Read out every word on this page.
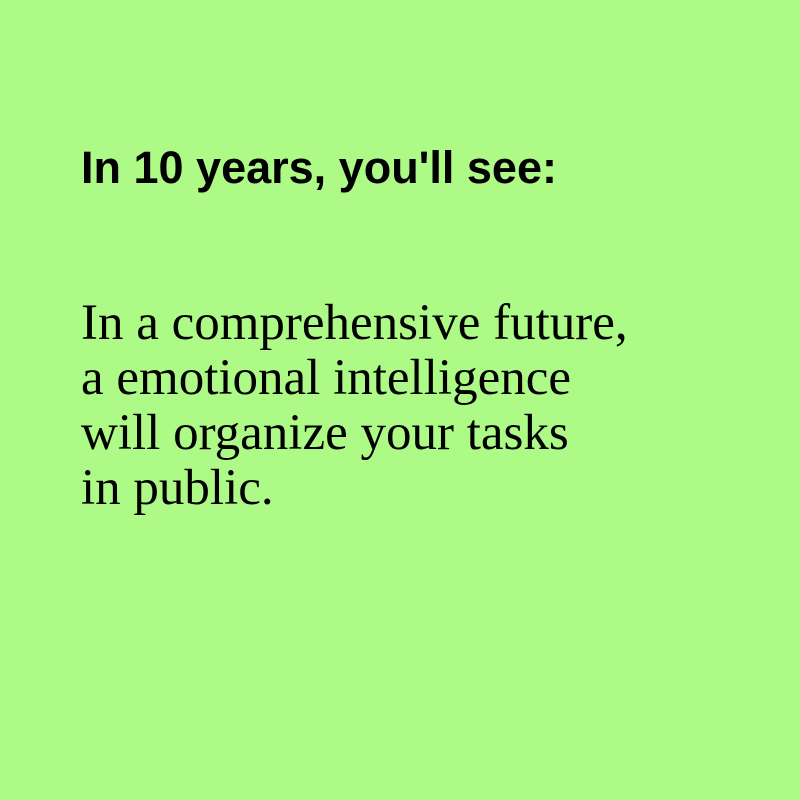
In 10 years, you'll see:

In a comprehensive future,
a emotional intelligence
will organize your tasks
in public.
